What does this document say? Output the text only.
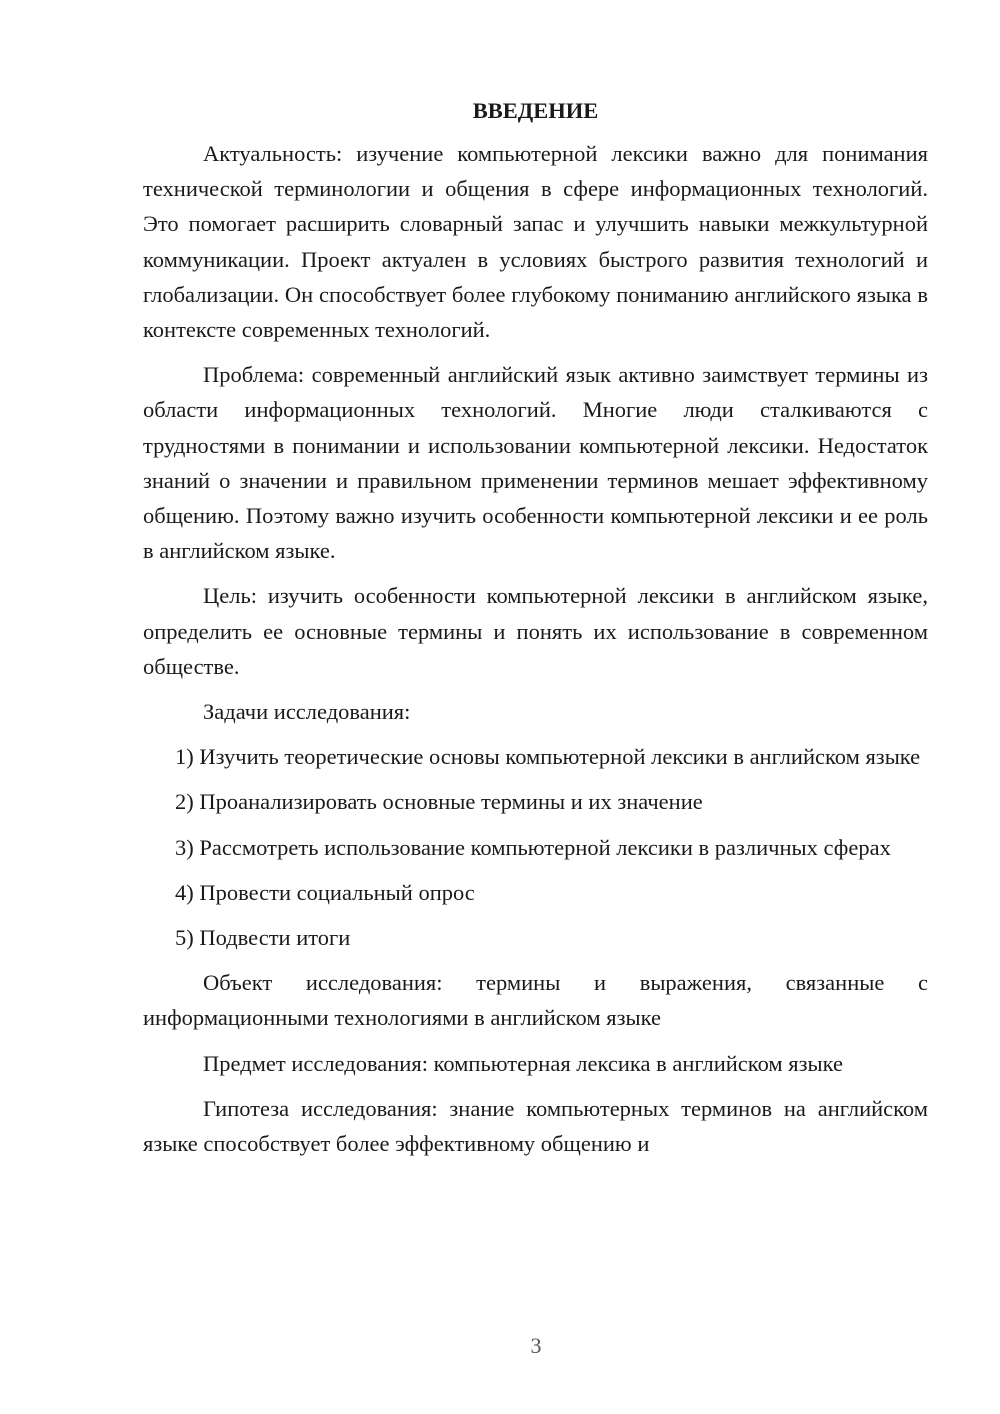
ВВЕДЕНИЕ

Актуальность: изучение компьютерной лексики важно для понимания технической терминологии и общения в сфере информационных технологий. Это помогает расширить словарный запас и улучшить навыки межкультурной коммуникации. Проект актуален в условиях быстрого развития технологий и глобализации. Он способствует более глубокому пониманию английского языка в контексте современных технологий.

Проблема: современный английский язык активно заимствует термины из области информационных технологий. Многие люди сталкиваются с трудностями в понимании и использовании компьютерной лексики. Недостаток знаний о значении и правильном применении терминов мешает эффективному общению. Поэтому важно изучить особенности компьютерной лексики и ее роль в английском языке.

Цель: изучить особенности компьютерной лексики в английском языке, определить ее основные термины и понять их использование в современном обществе.

Задачи исследования:

1) Изучить теоретические основы компьютерной лексики в английском языке

2) Проанализировать основные термины и их значение

3) Рассмотреть использование компьютерной лексики в различных сферах

4) Провести социальный опрос

5) Подвести итоги

Объект исследования: термины и выражения, связанные с информационными технологиями в английском языке

Предмет исследования: компьютерная лексика в английском языке

Гипотеза исследования: знание компьютерных терминов на английском языке способствует более эффективному общению и

3
